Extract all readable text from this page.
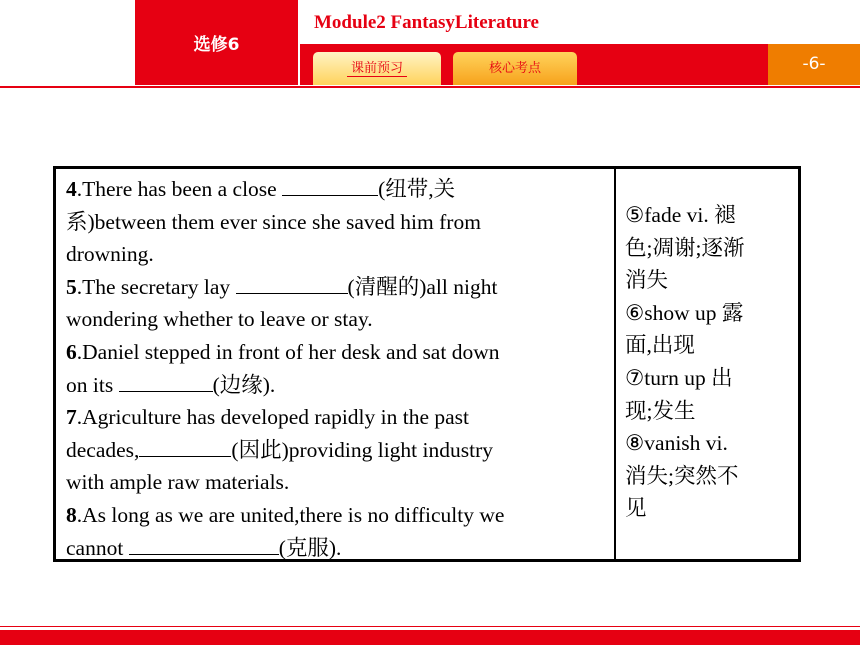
选修6
Module2 FantasyLiterature
-6-
课前预习	核心考点
4.There has been a close	(纽带,关
系)between them ever since she saved him from
drowning.
5.The secretary lay	(清醒的)all night
wondering whether to leave or stay.
6.Daniel stepped in front of her desk and sat down
on its	(边缘).
7.Agriculture has developed rapidly in the past
decades,	(因此)providing light industry
with ample raw materials.
8.As long as we are united,there is no difficulty we
cannot	(克服).
⑤fade vi. 褪
色;凋谢;逐渐
消失
⑥show up 露
面,出现
⑦turn up 出
现;发生
⑧vanish vi.
消失;突然不
见
